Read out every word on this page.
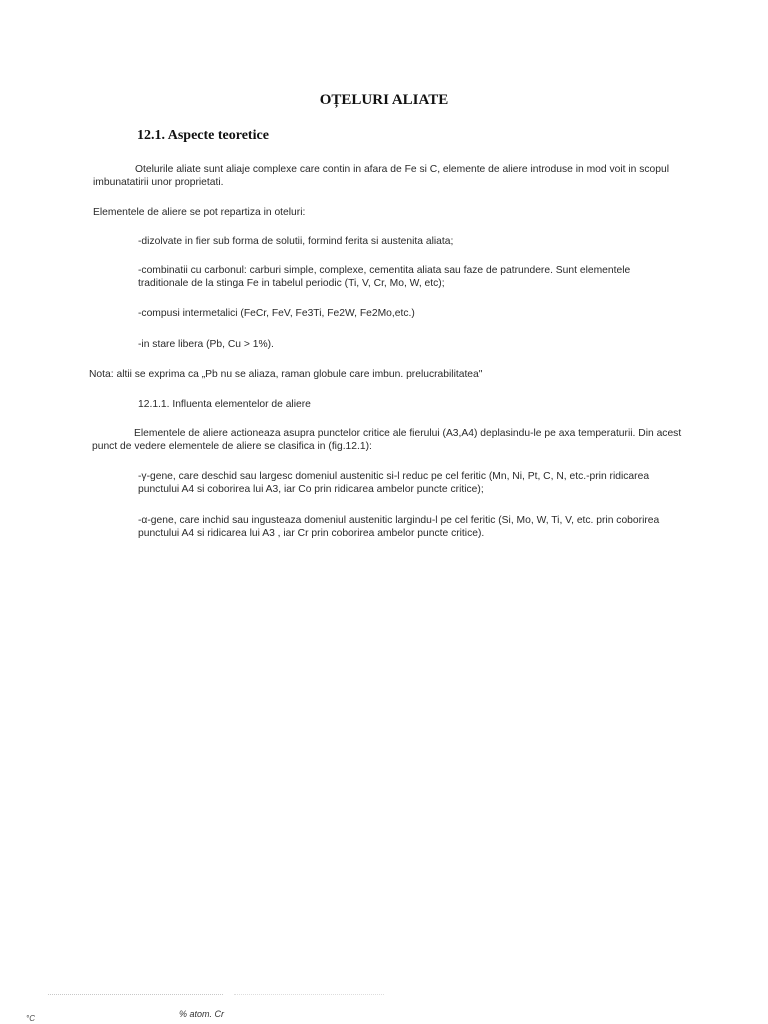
OȚELURI ALIATE
12.1. Aspecte teoretice
Otelurile aliate sunt aliaje complexe care contin in afara de Fe si C, elemente de aliere introduse in mod voit in scopul imbunatatirii unor proprietati.
Elementele de aliere se pot repartiza in oteluri:
-dizolvate in fier sub forma de solutii, formind ferita si austenita aliata;
-combinatii cu carbonul: carburi simple, complexe, cementita aliata sau faze de patrundere. Sunt elementele traditionale de la stinga Fe in tabelul periodic (Ti, V, Cr, Mo, W, etc);
-compusi intermetalici (FeCr, FeV, Fe3Ti, Fe2W, Fe2Mo,etc.)
-in stare libera (Pb, Cu > 1%).
Nota: altii se exprima ca „Pb nu se aliaza, raman globule care imbun. prelucrabilitatea"
12.1.1. Influenta elementelor de aliere
Elementele de aliere actioneaza asupra punctelor critice ale fierului (A3,A4) deplasindu-le pe axa temperaturii. Din acest punct de vedere elementele de aliere se clasifica in (fig.12.1):
-γ-gene, care deschid sau largesc domeniul austenitic si-l reduc pe cel feritic (Mn, Ni, Pt, C, N, etc.-prin ridicarea punctului A4 si coborirea lui A3, iar Co prin ridicarea ambelor puncte critice);
-α-gene, care inchid sau ingusteaza domeniul austenitic largindu-l pe cel feritic (Si, Mo, W, Ti, V, etc. prin coborirea punctului A4 si ridicarea lui A3 , iar Cr prin coborirea ambelor puncte critice).
°C	% atom. Cr
